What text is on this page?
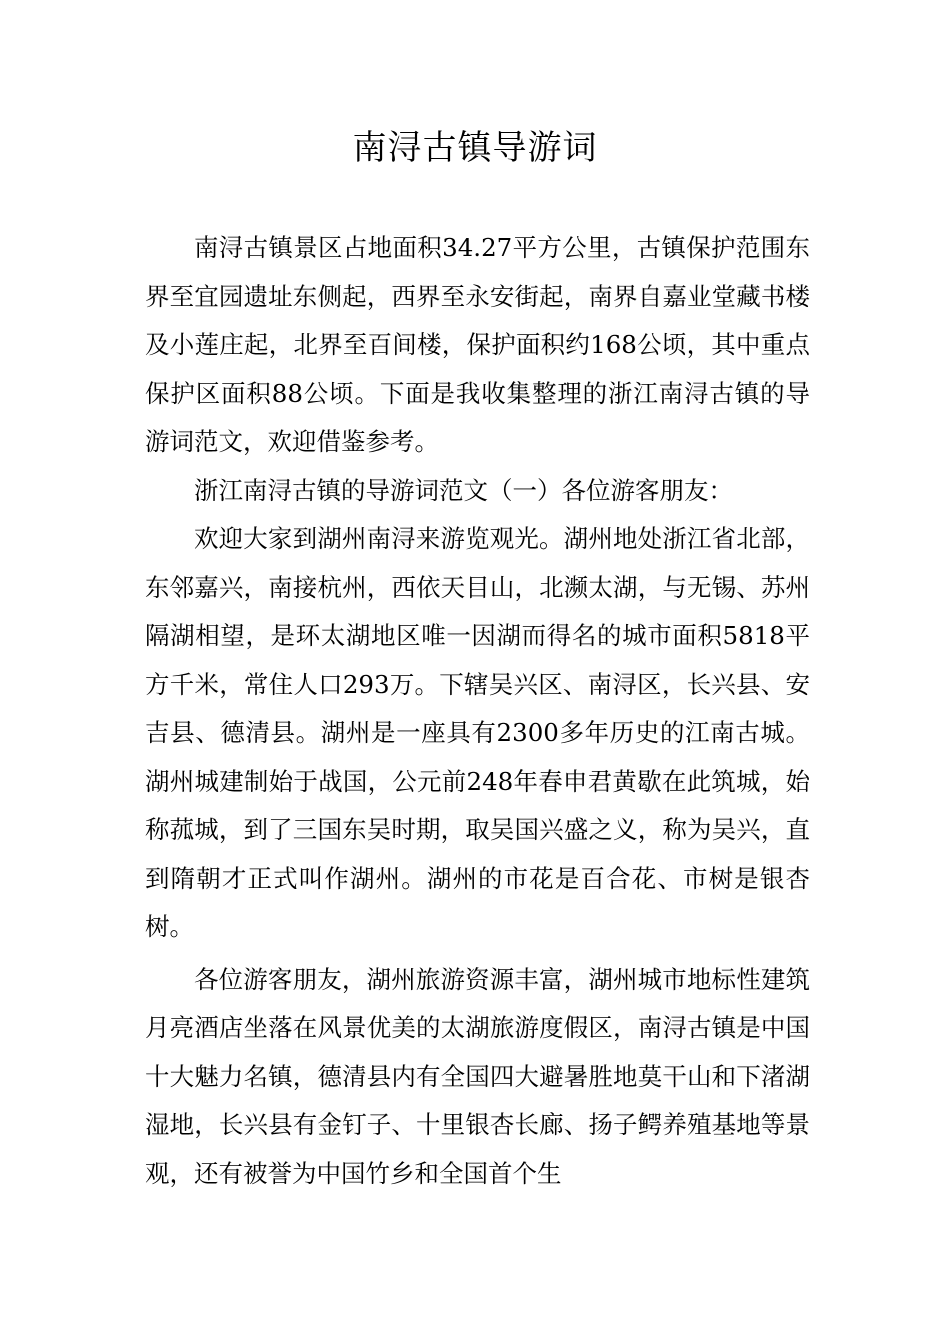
南浔古镇导游词

南浔古镇景区占地面积34.27平方公里，古镇保护范围东界至宜园遗址东侧起，西界至永安街起，南界自嘉业堂藏书楼及小莲庄起，北界至百间楼，保护面积约168公顷，其中重点保护区面积88公顷。下面是我收集整理的浙江南浔古镇的导游词范文，欢迎借鉴参考。

浙江南浔古镇的导游词范文（一）各位游客朋友：

欢迎大家到湖州南浔来游览观光。湖州地处浙江省北部，东邻嘉兴，南接杭州，西依天目山，北濒太湖，与无锡、苏州隔湖相望，是环太湖地区唯一因湖而得名的城市面积5818平方千米，常住人口293万。下辖吴兴区、南浔区，长兴县、安吉县、德清县。湖州是一座具有2300多年历史的江南古城。湖州城建制始于战国，公元前248年春申君黄歇在此筑城，始称菰城，到了三国东吴时期，取吴国兴盛之义，称为吴兴，直到隋朝才正式叫作湖州。湖州的市花是百合花、市树是银杏树。

各位游客朋友，湖州旅游资源丰富，湖州城市地标性建筑月亮酒店坐落在风景优美的太湖旅游度假区，南浔古镇是中国十大魅力名镇，德清县内有全国四大避暑胜地莫干山和下渚湖湿地，长兴县有金钉子、十里银杏长廊、扬子鳄养殖基地等景观，还有被誉为中国竹乡和全国首个生
